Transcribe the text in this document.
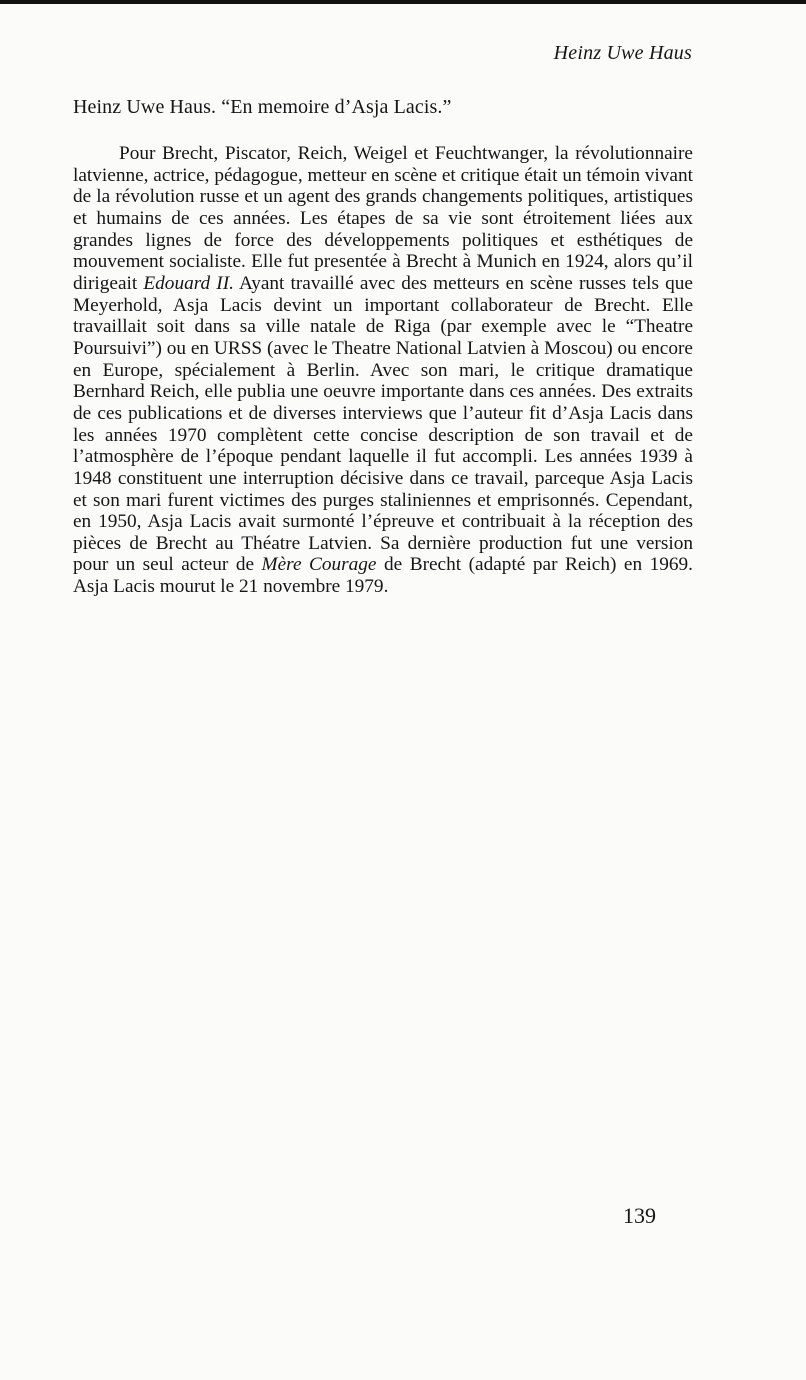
Heinz Uwe Haus
Heinz Uwe Haus. “En memoire d’Asja Lacis.”

Pour Brecht, Piscator, Reich, Weigel et Feuchtwanger, la révolutionnaire latvienne, actrice, pédagogue, metteur en scène et critique était un témoin vivant de la révolution russe et un agent des grands changements politiques, artistiques et humains de ces années. Les étapes de sa vie sont étroitement liées aux grandes lignes de force des développements politiques et esthétiques de mouvement socialiste. Elle fut presentée à Brecht à Munich en 1924, alors qu’il dirigeait Edouard II. Ayant travaillé avec des metteurs en scène russes tels que Meyerhold, Asja Lacis devint un important collaborateur de Brecht. Elle travaillait soit dans sa ville natale de Riga (par exemple avec le “Theatre Poursuivi”) ou en URSS (avec le Theatre National Latvien à Moscou) ou encore en Europe, spécialement à Berlin. Avec son mari, le critique dramatique Bernhard Reich, elle publia une oeuvre importante dans ces années. Des extraits de ces publications et de diverses interviews que l’auteur fit d’Asja Lacis dans les années 1970 complètent cette concise description de son travail et de l’atmosphère de l’époque pendant laquelle il fut accompli. Les années 1939 à 1948 constituent une interruption décisive dans ce travail, parceque Asja Lacis et son mari furent victimes des purges staliniennes et emprisonnés. Cependant, en 1950, Asja Lacis avait surmonté l’épreuve et contribuait à la réception des pièces de Brecht au Théatre Latvien. Sa dernière production fut une version pour un seul acteur de Mère Courage de Brecht (adapté par Reich) en 1969. Asja Lacis mourut le 21 novembre 1979.

139
